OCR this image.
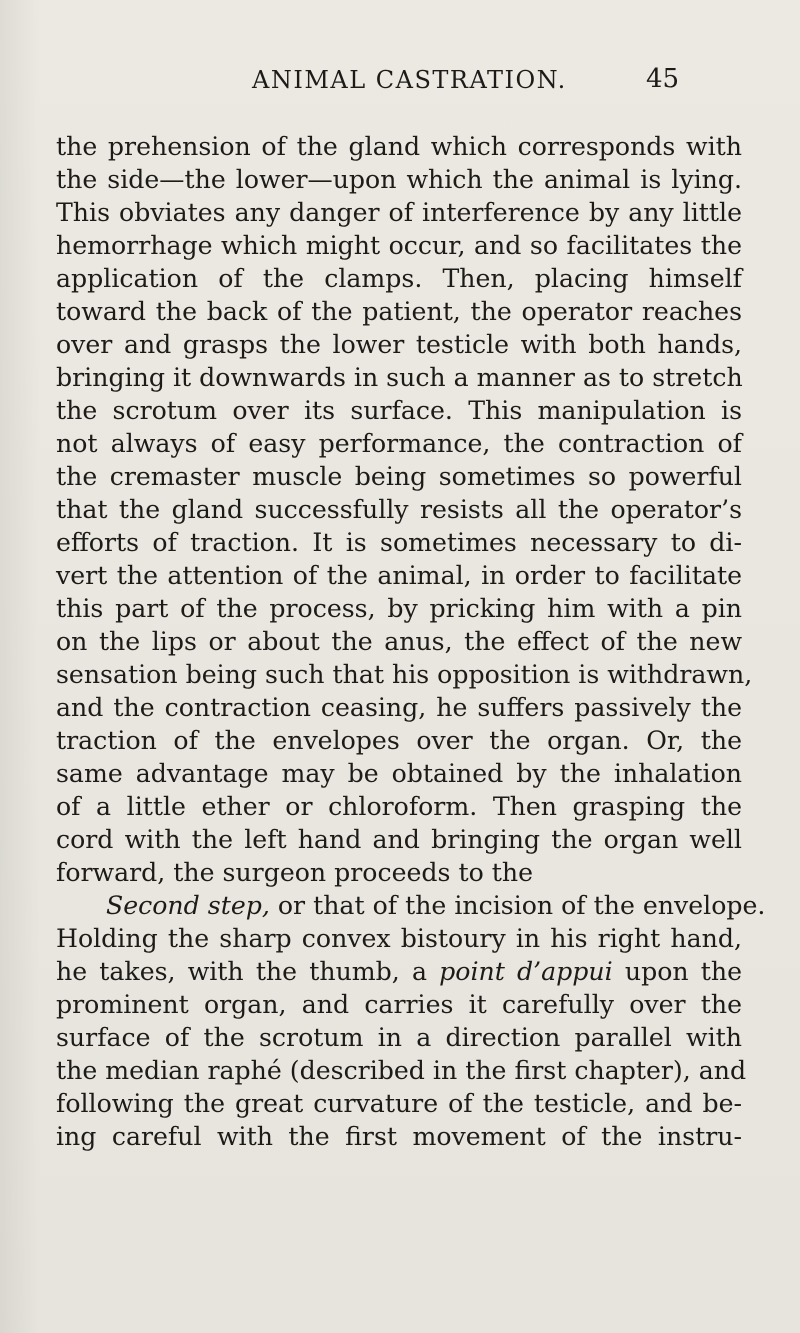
ANIMAL CASTRATION.	45
the prehension of the gland which corresponds with
the side—the lower—upon which the animal is lying.
This obviates any danger of interference by any little
hemorrhage which might occur, and so facilitates the
application of the clamps. Then, placing himself
toward the back of the patient, the operator reaches
over and grasps the lower testicle with both hands,
bringing it downwards in such a manner as to stretch
the scrotum over its surface. This manipulation is
not always of easy performance, the contraction of
the cremaster muscle being sometimes so powerful
that the gland successfully resists all the operator’s
efforts of traction. It is sometimes necessary to di-
vert the attention of the animal, in order to facilitate
this part of the process, by pricking him with a pin
on the lips or about the anus, the effect of the new
sensation being such that his opposition is withdrawn,
and the contraction ceasing, he suffers passively the
traction of the envelopes over the organ. Or, the
same advantage may be obtained by the inhalation
of a little ether or chloroform. Then grasping the
cord with the left hand and bringing the organ well
forward, the surgeon proceeds to the
Second step, or that of the incision of the envelope.
Holding the sharp convex bistoury in his right hand,
he takes, with the thumb, a point d’appui upon the
prominent organ, and carries it carefully over the
surface of the scrotum in a direction parallel with
the median raphé (described in the first chapter), and
following the great curvature of the testicle, and be-
ing careful with the first movement of the instru-
